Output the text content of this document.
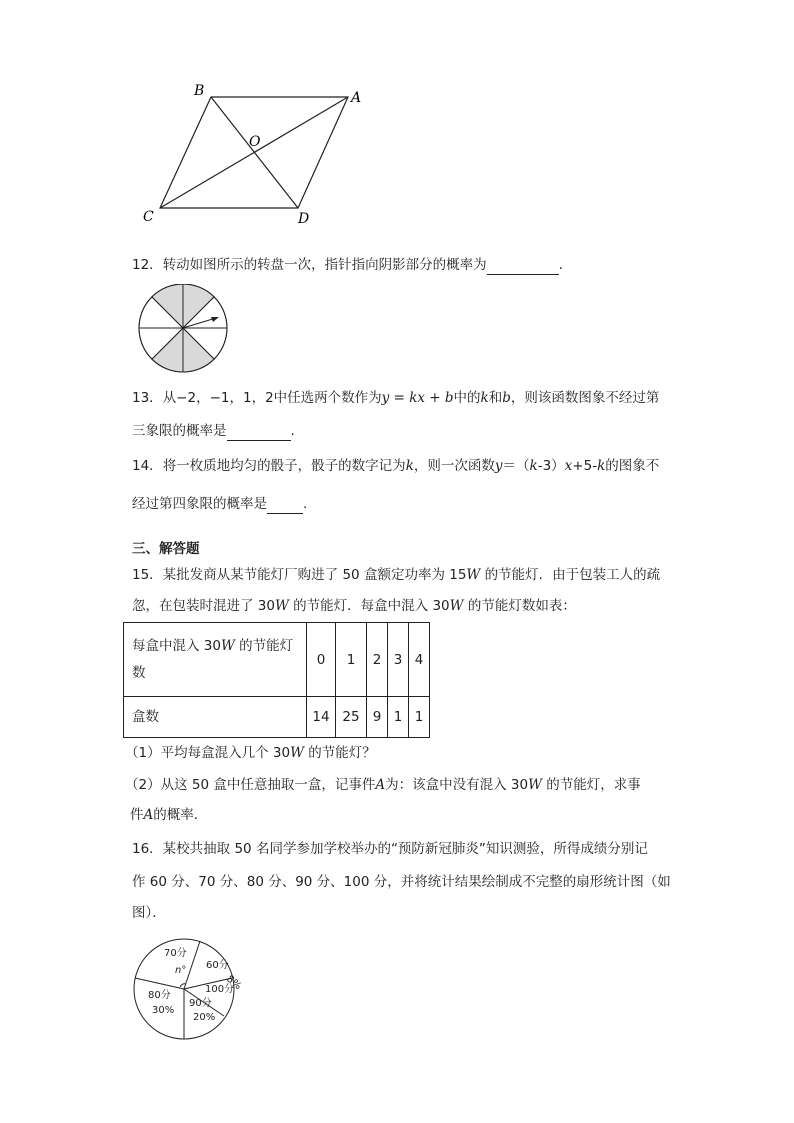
B	A
O
C	D
12．转动如图所示的转盘一次，指针指向阴影部分的概率为	．
13．从−2，−1，1，2中任选两个数作为y = kx + b中的k和b，则该函数图象不经过第
三象限的概率是	.
14．将一枚质地均匀的骰子，骰子的数字记为k，则一次函数y＝（k-3）x+5-k的图象不
经过第四象限的概率是	.
三、解答题
15．某批发商从某节能灯厂购进了 50 盒额定功率为 15W 的节能灯．由于包装工人的疏
忽，在包装时混进了 30W 的节能灯．每盒中混入 30W 的节能灯数如表：
每盒中混入 30W 的节能灯
数	0	1	2	3	4
盒数	14	25	9	1	1
（1）平均每盒混入几个 30W 的节能灯？
（2）从这 50 盒中任意抽取一盒，记事件A为：该盒中没有混入 30W 的节能灯，求事
件A的概率．
16．某校共抽取 50 名同学参加学校举办的“预防新冠肺炎”知识测验，所得成绩分别记
作 60 分、70 分、80 分、90 分、100 分，并将统计结果绘制成不完整的扇形统计图（如
图）．
70分
n° 60分
100分
8%
90分
20%
80分
30%
